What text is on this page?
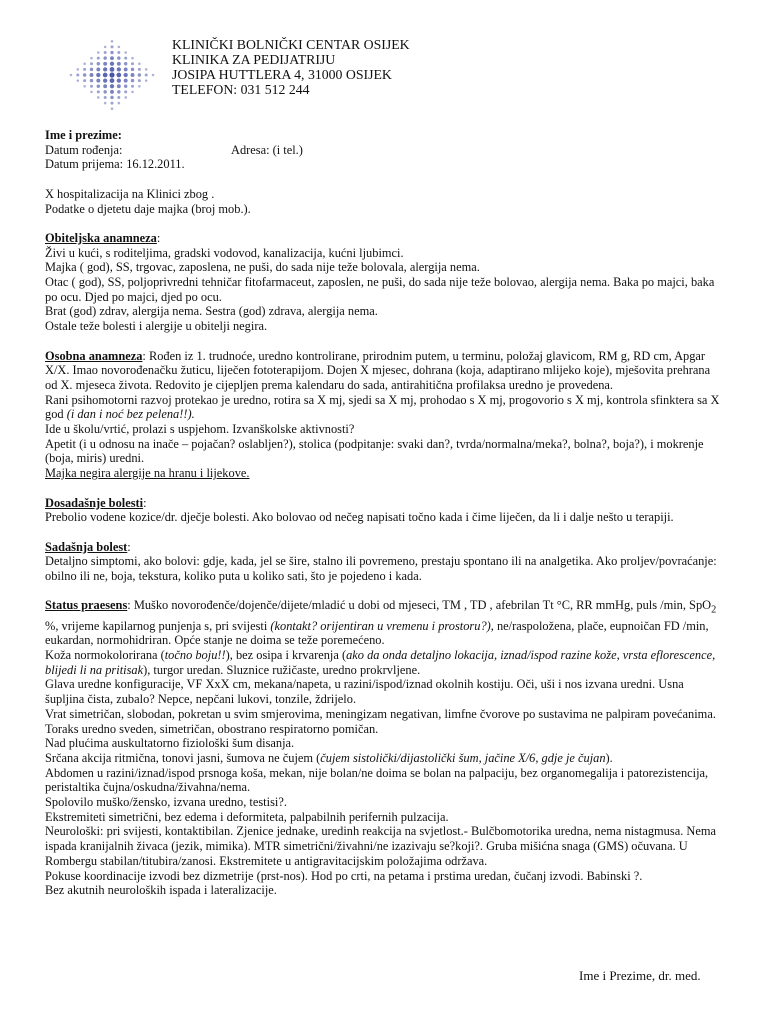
KLINIČKI BOLNIČKI CENTAR OSIJEK
KLINIKA ZA PEDIJATRIJU
JOSIPA HUTTLERA 4, 31000 OSIJEK
TELEFON: 031 512 244

Ime i prezime:

Datum rođenja:	Adresa: (i tel.)

Datum prijema: 16.12.2011.

X hospitalizacija na Klinici zbog .

Podatke o djetetu daje majka (broj mob.).

Obiteljska anamneza:

Živi u kući, s roditeljima, gradski vodovod, kanalizacija, kućni ljubimci.

Majka ( god), SS, trgovac, zaposlena, ne puši, do sada nije teže bolovala, alergija nema.

Otac ( god), SS, poljoprivredni tehničar fitofarmaceut, zaposlen, ne puši, do sada nije teže bolovao, alergija nema. Baka po majci, baka po ocu. Djed po majci, djed po ocu.

Brat (god) zdrav, alergija nema. Sestra (god) zdrava, alergija nema.

Ostale teže bolesti i alergije u obitelji negira.

Osobna anamneza: Rođen iz 1. trudnoće, uredno kontrolirane, prirodnim putem, u terminu, položaj glavicom, RM g, RD cm, Apgar X/X. Imao novorođenačku žuticu, liječen fototerapijom. Dojen X mjesec, dohrana (koja, adaptirano mlijeko koje), mješovita prehrana od X. mjeseca života. Redovito je cijepljen prema kalendaru do sada, antirahitična profilaksa uredno je provedena.

Rani psihomotorni razvoj protekao je uredno, rotira sa X mj, sjedi sa X mj, prohodao s X mj, progovorio s X mj, kontrola sfinktera sa X god (i dan i noć bez pelena!!).

Ide u školu/vrtić, prolazi s uspjehom. Izvanškolske aktivnosti?

Apetit (i u odnosu na inače – pojačan? oslabljen?), stolica (podpitanje: svaki dan?, tvrda/normalna/meka?, bolna?, boja?), i mokrenje (boja, miris) uredni.

Majka negira alergije na hranu i lijekove.

Dosadašnje bolesti:

Prebolio vodene kozice/dr. dječje bolesti. Ako bolovao od nečeg napisati točno kada i čime liječen, da li i dalje nešto u terapiji.

Sadašnja bolest:

Detaljno simptomi, ako bolovi: gdje, kada, jel se šire, stalno ili povremeno, prestaju spontano ili na analgetika. Ako proljev/povraćanje: obilno ili ne, boja, tekstura, koliko puta u koliko sati, što je pojedeno i kada.

Status praesens: Muško novorođenče/dojenče/dijete/mladić u dobi od mjeseci, TM , TD , afebrilan Tt °C, RR mmHg, puls /min, SpO$_2$ %, vrijeme kapilarnog punjenja s, pri svijesti (kontakt? orijentiran u vremenu i prostoru?), ne/raspoložena, plače, eupnoičan FD /min, eukardan, normohidriran. Opće stanje ne doima se teže poremećeno.

Koža normokolorirana (točno boju!!), bez osipa i krvarenja (ako da onda detaljno lokacija, iznad/ispod razine kože, vrsta eflorescence, blijedi li na pritisak), turgor uredan. Sluznice ružičaste, uredno prokrvljene.

Glava uredne konfiguracije, VF XxX cm, mekana/napeta, u razini/ispod/iznad okolnih kostiju. Oči, uši i nos izvana uredni. Usna šupljina čista, zubalo? Nepce, nepčani lukovi, tonzile, ždrijelo.

Vrat simetričan, slobodan, pokretan u svim smjerovima, meningizam negativan, limfne čvorove po sustavima ne palpiram povećanima.

Toraks uredno sveden, simetričan, obostrano respiratorno pomičan.

Nad plućima auskultatorno fiziološki šum disanja.

Srčana akcija ritmična, tonovi jasni, šumova ne čujem (čujem sistolički/dijastolički šum, jačine X/6, gdje je čujan).

Abdomen u razini/iznad/ispod prsnoga koša, mekan, nije bolan/ne doima se bolan na palpaciju, bez organomegalija i patorezistencija, peristaltika čujna/oskudna/živahna/nema.

Spolovilo muško/žensko, izvana uredno, testisi?.

Ekstremiteti simetrični, bez edema i deformiteta, palpabilnih perifernih pulzacija.

Neurološki: pri svijesti, kontaktibilan. Zjenice jednake, uredinh reakcija na svjetlost.- Bulčbomotorika uredna, nema nistagmusa. Nema ispada kranijalnih živaca (jezik, mimika). MTR simetrični/živahni/ne izazivaju se?koji?. Gruba mišićna snaga (GMS) očuvana. U Rombergu stabilan/titubira/zanosi. Ekstremitete u antigravitacijskim položajima održava.

Pokuse koordinacije izvodi bez dizmetrije (prst-nos). Hod po crti, na petama i prstima uredan, čučanj izvodi. Babinski ?.

Bez akutnih neuroloških ispada i lateralizacije.

Ime i Prezime, dr. med.
